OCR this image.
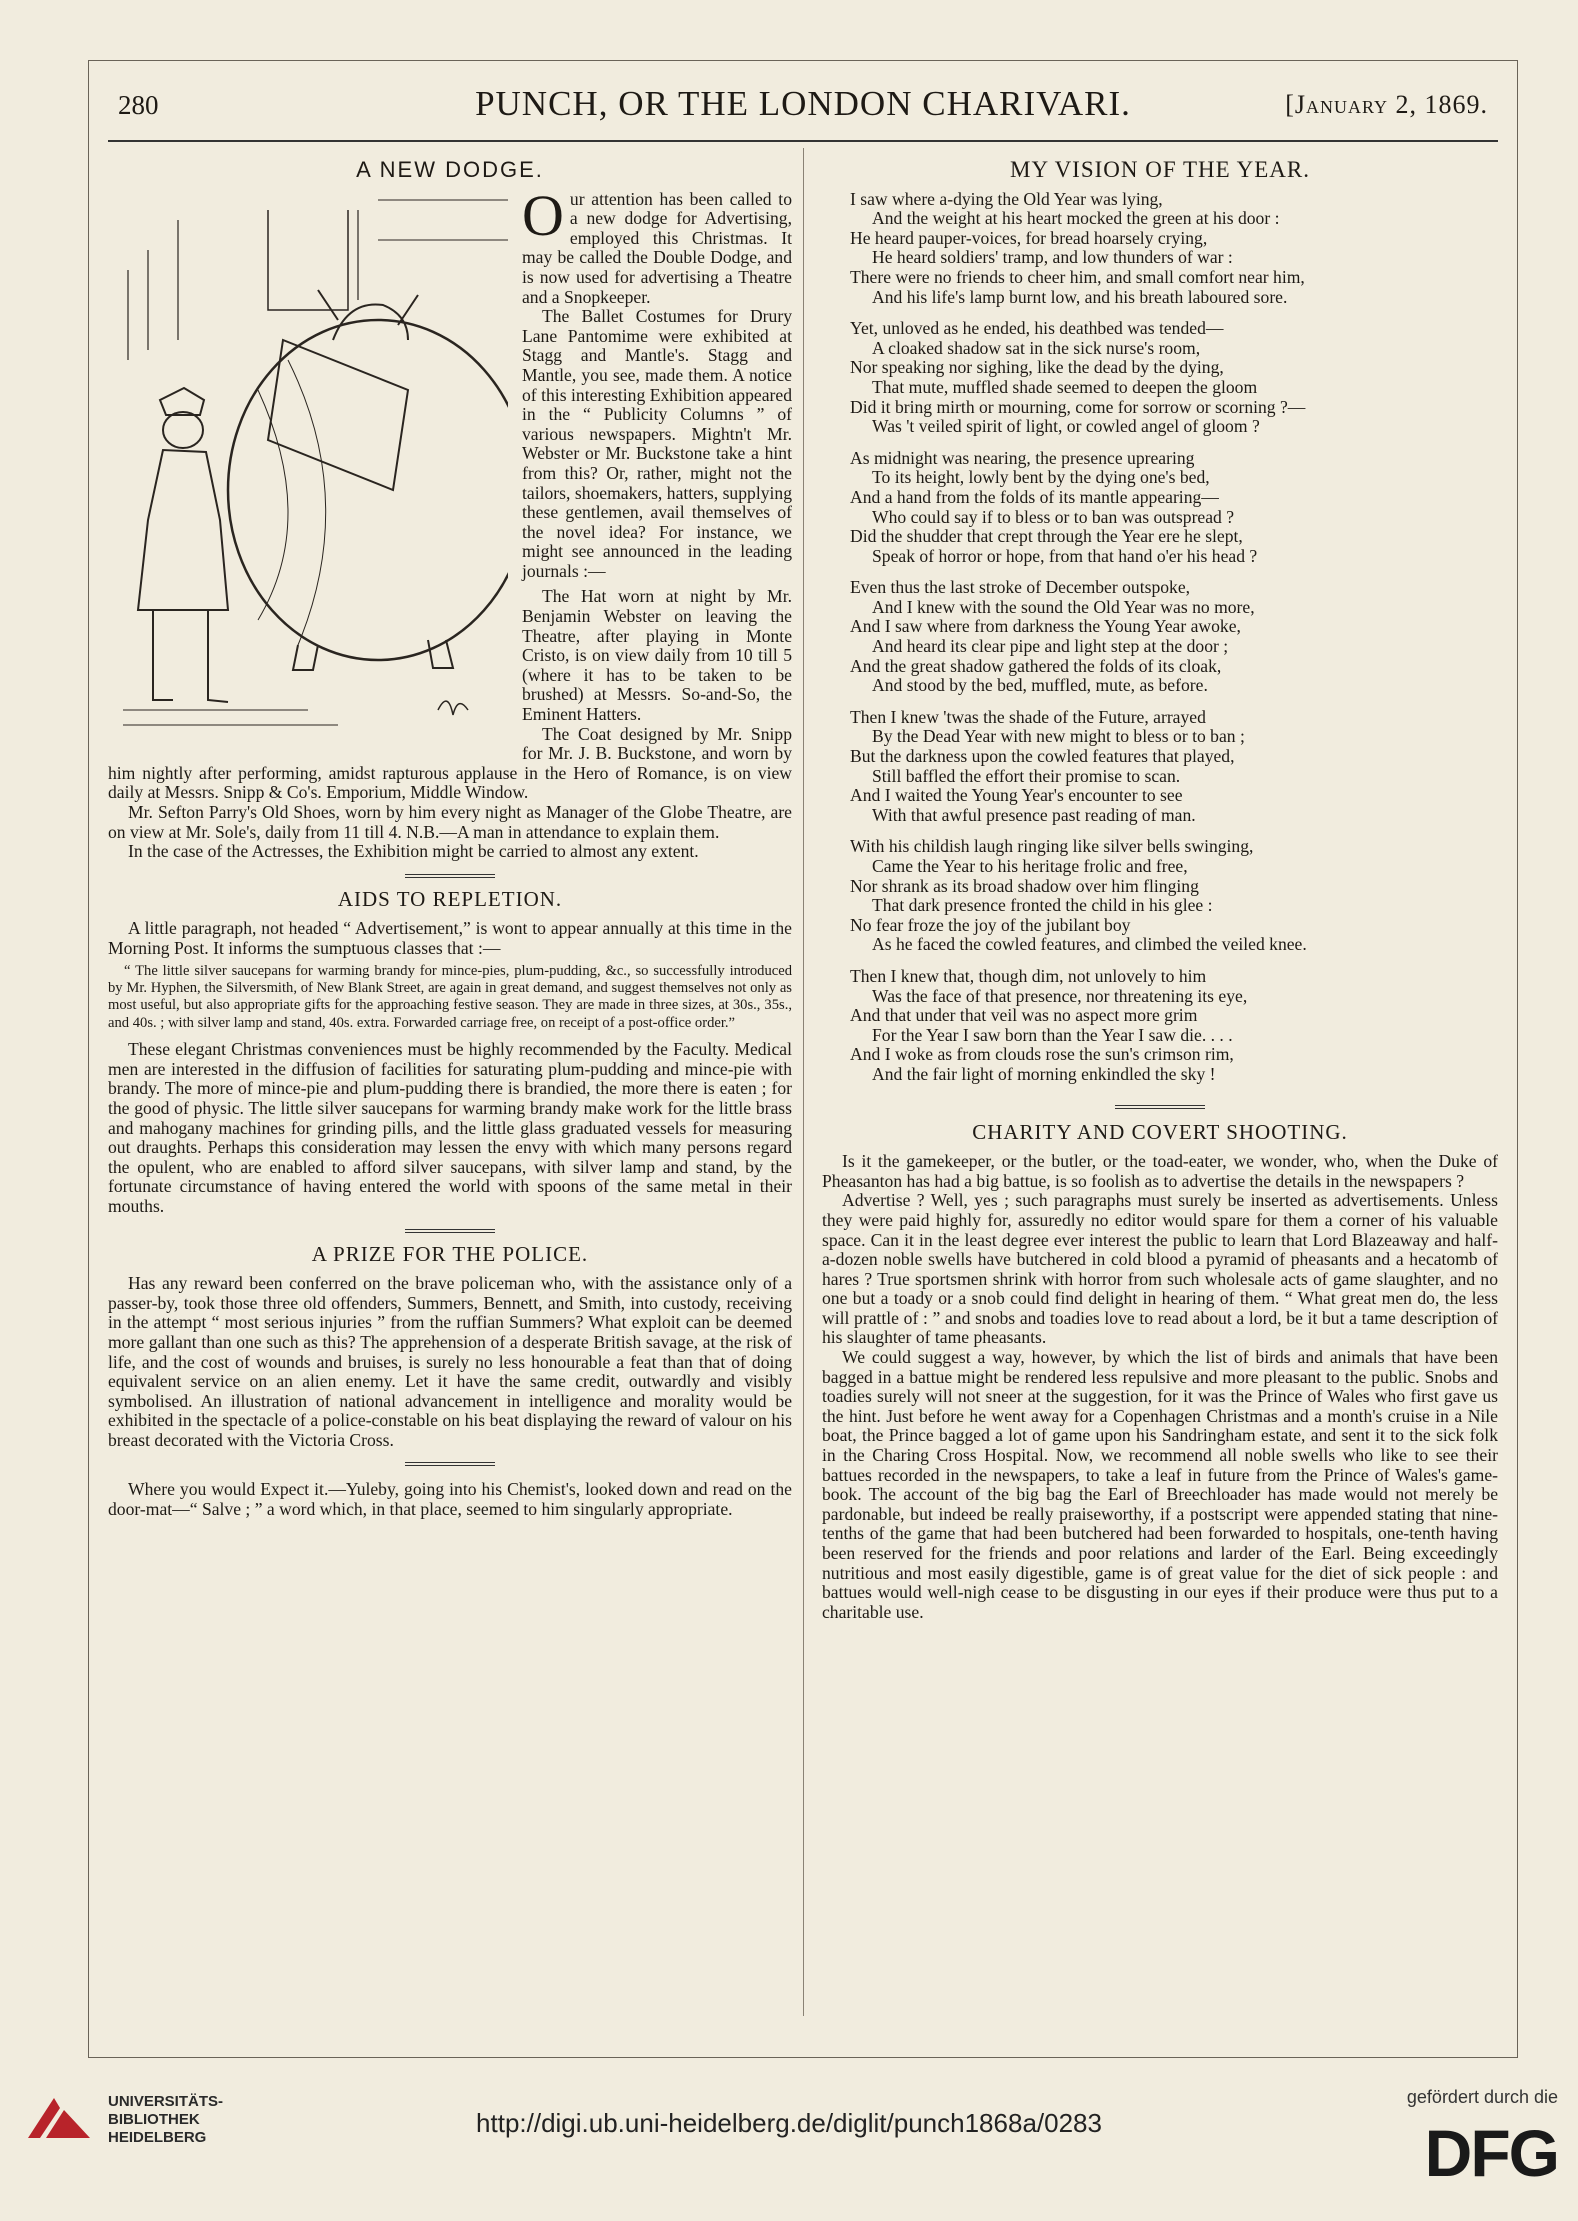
280	PUNCH, OR THE LONDON CHARIVARI.	[January 2, 1869.
A NEW DODGE.

Our attention has been called to a new dodge for Advertising, employed this Christmas. It may be called the Double Dodge, and is now used for advertising a Theatre and a Snopkeeper.

The Ballet Costumes for Drury Lane Pantomime were exhibited at Stagg and Mantle's. Stagg and Mantle, you see, made them. A notice of this interesting Exhibition appeared in the “ Publicity Columns ” of various newspapers. Mightn't Mr. Webster or Mr. Buckstone take a hint from this? Or, rather, might not the tailors, shoemakers, hatters, supplying these gentlemen, avail themselves of the novel idea? For instance, we might see announced in the leading journals :—

The Hat worn at night by Mr. Benjamin Webster on leaving the Theatre, after playing in Monte Cristo, is on view daily from 10 till 5 (where it has to be taken to be brushed) at Messrs. So-and-So, the Eminent Hatters.

The Coat designed by Mr. Snipp for Mr. J. B. Buckstone, and worn by him nightly after performing, amidst rapturous applause in the Hero of Romance, is on view daily at Messrs. Snipp & Co's. Emporium, Middle Window.

Mr. Sefton Parry's Old Shoes, worn by him every night as Manager of the Globe Theatre, are on view at Mr. Sole's, daily from 11 till 4. N.B.—A man in attendance to explain them.

In the case of the Actresses, the Exhibition might be carried to almost any extent.

AIDS TO REPLETION.

A little paragraph, not headed “ Advertisement,” is wont to appear annually at this time in the Morning Post. It informs the sumptuous classes that :—

“ The little silver saucepans for warming brandy for mince-pies, plum-pudding, &c., so successfully introduced by Mr. Hyphen, the Silversmith, of New Blank Street, are again in great demand, and suggest themselves not only as most useful, but also appropriate gifts for the approaching festive season. They are made in three sizes, at 30s., 35s., and 40s. ; with silver lamp and stand, 40s. extra. Forwarded carriage free, on receipt of a post-office order.”

These elegant Christmas conveniences must be highly recommended by the Faculty. Medical men are interested in the diffusion of facilities for saturating plum-pudding and mince-pie with brandy. The more of mince-pie and plum-pudding there is brandied, the more there is eaten ; for the good of physic. The little silver saucepans for warming brandy make work for the little brass and mahogany machines for grinding pills, and the little glass graduated vessels for measuring out draughts. Perhaps this consideration may lessen the envy with which many persons regard the opulent, who are enabled to afford silver saucepans, with silver lamp and stand, by the fortunate circumstance of having entered the world with spoons of the same metal in their mouths.

A PRIZE FOR THE POLICE.

Has any reward been conferred on the brave policeman who, with the assistance only of a passer-by, took those three old offenders, Summers, Bennett, and Smith, into custody, receiving in the attempt “ most serious injuries ” from the ruffian Summers? What exploit can be deemed more gallant than one such as this? The apprehension of a desperate British savage, at the risk of life, and the cost of wounds and bruises, is surely no less honourable a feat than that of doing equivalent service on an alien enemy. Let it have the same credit, outwardly and visibly symbolised. An illustration of national advancement in intelligence and morality would be exhibited in the spectacle of a police-constable on his beat displaying the reward of valour on his breast decorated with the Victoria Cross.

Where you would Expect it.—Yuleby, going into his Chemist's, looked down and read on the door-mat—“ Salve ; ” a word which, in that place, seemed to him singularly appropriate.

MY VISION OF THE YEAR.
I saw where a-dying the Old Year was lying,
And the weight at his heart mocked the green at his door :
He heard pauper-voices, for bread hoarsely crying,
He heard soldiers' tramp, and low thunders of war :
There were no friends to cheer him, and small comfort near him,
And his life's lamp burnt low, and his breath laboured sore.
Yet, unloved as he ended, his deathbed was tended—
A cloaked shadow sat in the sick nurse's room,
Nor speaking nor sighing, like the dead by the dying,
That mute, muffled shade seemed to deepen the gloom
Did it bring mirth or mourning, come for sorrow or scorning ?—
Was 't veiled spirit of light, or cowled angel of gloom ?
As midnight was nearing, the presence uprearing
To its height, lowly bent by the dying one's bed,
And a hand from the folds of its mantle appearing—
Who could say if to bless or to ban was outspread ?
Did the shudder that crept through the Year ere he slept,
Speak of horror or hope, from that hand o'er his head ?
Even thus the last stroke of December outspoke,
And I knew with the sound the Old Year was no more,
And I saw where from darkness the Young Year awoke,
And heard its clear pipe and light step at the door ;
And the great shadow gathered the folds of its cloak,
And stood by the bed, muffled, mute, as before.
Then I knew 'twas the shade of the Future, arrayed
By the Dead Year with new might to bless or to ban ;
But the darkness upon the cowled features that played,
Still baffled the effort their promise to scan.
And I waited the Young Year's encounter to see
With that awful presence past reading of man.
With his childish laugh ringing like silver bells swinging,
Came the Year to his heritage frolic and free,
Nor shrank as its broad shadow over him flinging
That dark presence fronted the child in his glee :
No fear froze the joy of the jubilant boy
As he faced the cowled features, and climbed the veiled knee.
Then I knew that, though dim, not unlovely to him
Was the face of that presence, nor threatening its eye,
And that under that veil was no aspect more grim
For the Year I saw born than the Year I saw die. . . .
And I woke as from clouds rose the sun's crimson rim,
And the fair light of morning enkindled the sky !
CHARITY AND COVERT SHOOTING.

Is it the gamekeeper, or the butler, or the toad-eater, we wonder, who, when the Duke of Pheasanton has had a big battue, is so foolish as to advertise the details in the newspapers ?

Advertise ? Well, yes ; such paragraphs must surely be inserted as advertisements. Unless they were paid highly for, assuredly no editor would spare for them a corner of his valuable space. Can it in the least degree ever interest the public to learn that Lord Blazeaway and half-a-dozen noble swells have butchered in cold blood a pyramid of pheasants and a hecatomb of hares ? True sportsmen shrink with horror from such wholesale acts of game slaughter, and no one but a toady or a snob could find delight in hearing of them. “ What great men do, the less will prattle of : ” and snobs and toadies love to read about a lord, be it but a tame description of his slaughter of tame pheasants.

We could suggest a way, however, by which the list of birds and animals that have been bagged in a battue might be rendered less repulsive and more pleasant to the public. Snobs and toadies surely will not sneer at the suggestion, for it was the Prince of Wales who first gave us the hint. Just before he went away for a Copenhagen Christmas and a month's cruise in a Nile boat, the Prince bagged a lot of game upon his Sandringham estate, and sent it to the sick folk in the Charing Cross Hospital. Now, we recommend all noble swells who like to see their battues recorded in the newspapers, to take a leaf in future from the Prince of Wales's game-book. The account of the big bag the Earl of Breechloader has made would not merely be pardonable, but indeed be really praiseworthy, if a postscript were appended stating that nine-tenths of the game that had been butchered had been forwarded to hospitals, one-tenth having been reserved for the friends and poor relations and larder of the Earl. Being exceedingly nutritious and most easily digestible, game is of great value for the diet of sick people : and battues would well-nigh cease to be disgusting in our eyes if their produce were thus put to a charitable use.

UNIVERSITÄTS-
BIBLIOTHEK
HEIDELBERG	http://digi.ub.uni-heidelberg.de/diglit/punch1868a/0283
gefördert durch die
DFG
